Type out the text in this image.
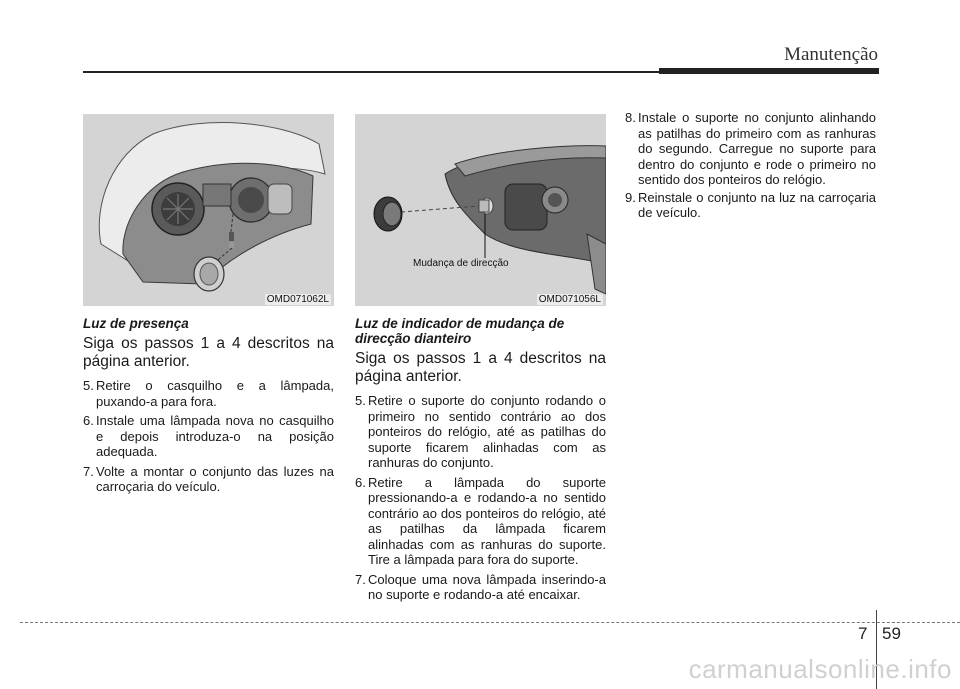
Manutenção
OMD071062L
Mudança de direcção
OMD071056L
Luz de presença
Siga os passos 1 a 4 descritos na página anterior.
5. Retire o casquilho e a lâmpada, puxando-a para fora.
6. Instale uma lâmpada nova no casquilho e depois introduza-o na posição adequada.
7. Volte a montar o conjunto das luzes na carroçaria do veículo.
Luz de indicador de mudança de direcção dianteiro
Siga os passos 1 a 4 descritos na página anterior.
5. Retire o suporte do conjunto rodando o primeiro no sentido contrário ao dos ponteiros do relógio, até as patilhas do suporte ficarem alinhadas com as ranhuras do conjunto.
6. Retire a lâmpada do suporte pressionando-a e rodando-a no sentido contrário ao dos ponteiros do relógio, até as patilhas da lâmpada ficarem alinhadas com as ranhuras do suporte. Tire a lâmpada para fora do suporte.
7. Coloque uma nova lâmpada inserindo-a no suporte e rodando-a até encaixar.
8. Instale o suporte no conjunto alinhando as patilhas do primeiro com as ranhuras do segundo. Carregue no suporte para dentro do conjunto e rode o primeiro no sentido dos ponteiros do relógio.
9. Reinstale o conjunto na luz na carroçaria de veículo.
7 59
carmanualsonline.info
